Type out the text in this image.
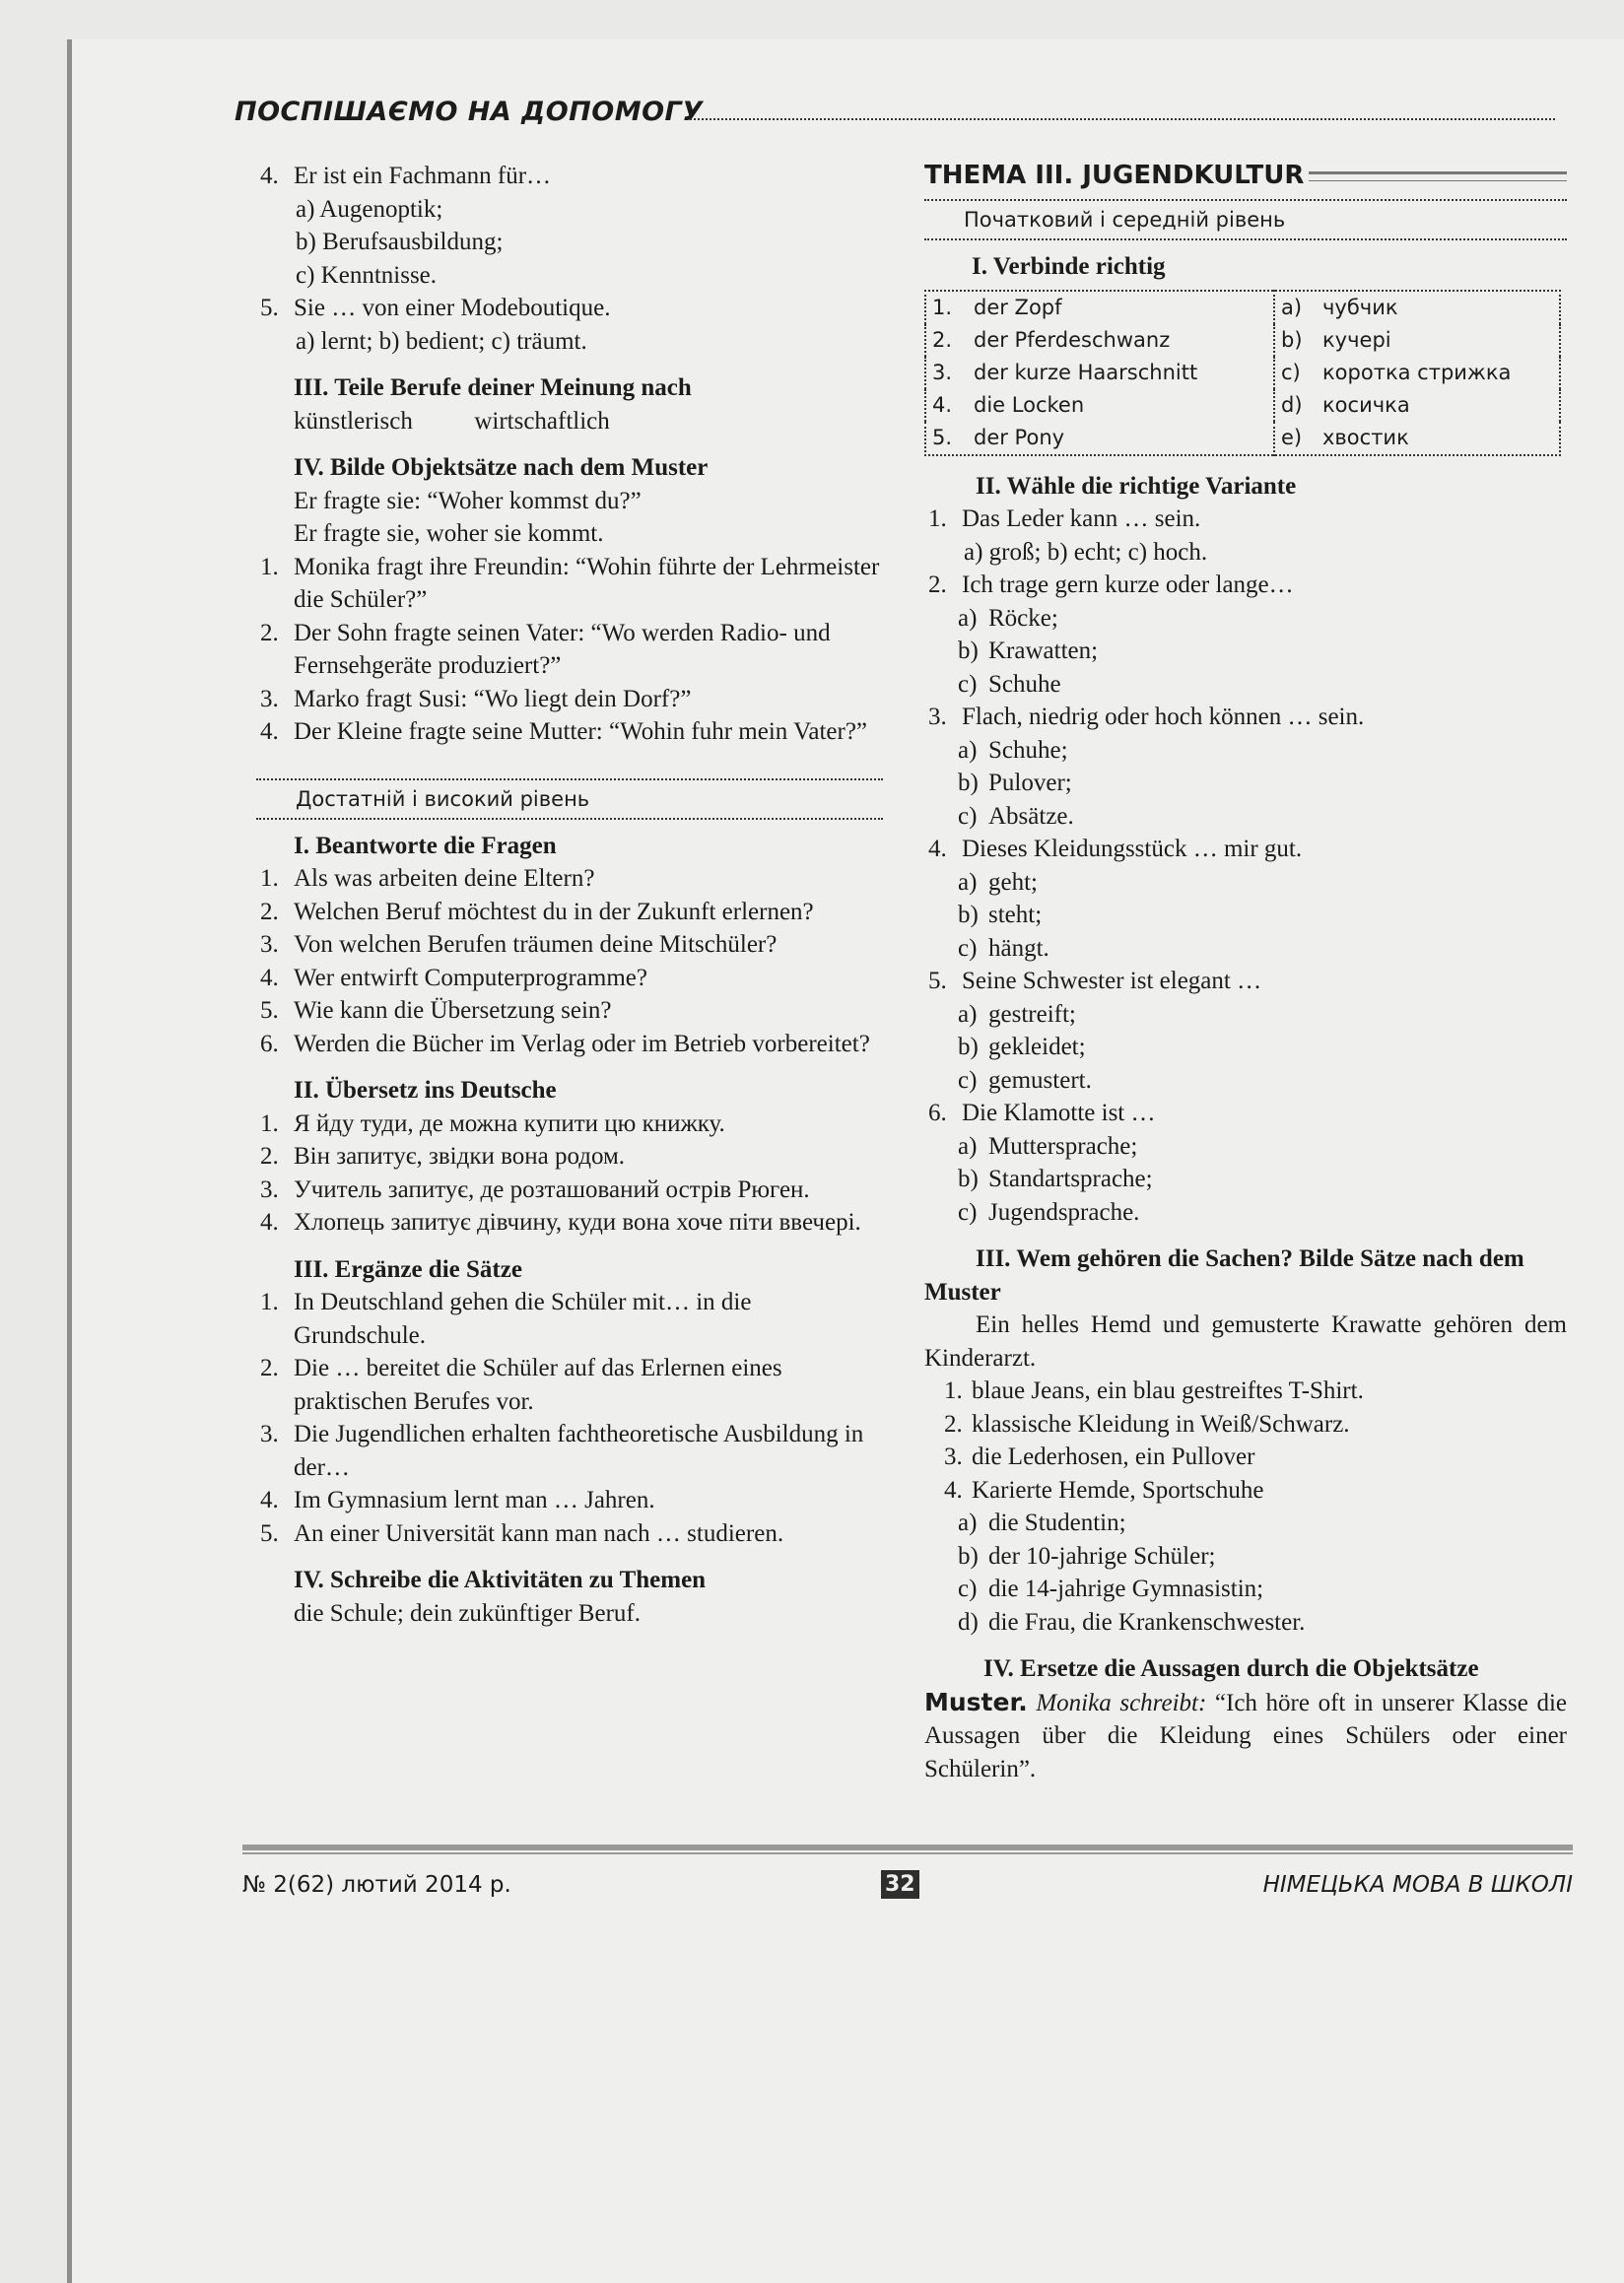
ПОСПІШАЄМО НА ДОПОМОГУ
4. Er ist ein Fachmann für…

a) Augenoptik;

b) Berufsausbildung;

c) Kenntnisse.

5. Sie … von einer Modeboutique.

a) lernt; b) bedient; c) träumt.

III. Teile Berufe deiner Meinung nach

künstlerisch          wirtschaftlich

IV. Bilde Objektsätze nach dem Muster

Er fragte sie: “Woher kommst du?”

Er fragte sie, woher sie kommt.

1. Monika fragt ihre Freundin: “Wohin führte der Lehrmeister die Schüler?”
2. Der Sohn fragte seinen Vater: “Wo werden Radio- und Fernsehgeräte produziert?”
3. Marko fragt Susi: “Wo liegt dein Dorf?”
4. Der Kleine fragte seine Mutter: “Wohin fuhr mein Vater?”
Достатній і високий рівень

I. Beantworte die Fragen

1. Als was arbeiten deine Eltern?
2. Welchen Beruf möchtest du in der Zukunft erlernen?
3. Von welchen Berufen träumen deine Mitschüler?
4. Wer entwirft Computerprogramme?
5. Wie kann die Übersetzung sein?
6. Werden die Bücher im Verlag oder im Betrieb vorbereitet?

II. Übersetz ins Deutsche

1. Я йду туди, де можна купити цю книжку.
2. Він запитує, звідки вона родом.
3. Учитель запитує, де розташований острів Рюген.
4. Хлопець запитує дівчину, куди вона хоче піти ввечері.

III. Ergänze die Sätze

1. In Deutschland gehen die Schüler mit… in die Grundschule.
2. Die … bereitet die Schüler auf das Erlernen eines praktischen Berufes vor.
3. Die Jugendlichen erhalten fachtheoretische Ausbildung in der…
4. Im Gymnasium lernt man … Jahren.
5. An einer Universität kann man nach … studieren.

IV. Schreibe die Aktivitäten zu Themen

die Schule; dein zukünftiger Beruf.

THEMA III. JUGENDKULTUR
Початковий і середній рівень

I. Verbinde richtig

1. der Zopf	a) чубчик
2. der Pferdeschwanz	b) кучері
3. der kurze Haarschnitt	c) коротка стрижка
4. die Locken	d) косичка
5. der Pony	e) хвостик

II. Wähle die richtige Variante

1. Das Leder kann … sein.

a) groß; b) echt; c) hoch.

2. Ich trage gern kurze oder lange…
a) Röcke;
b) Krawatten;
c) Schuhe
3. Flach, niedrig oder hoch können … sein.
a) Schuhe;
b) Pulover;
c) Absätze.
4. Dieses Kleidungsstück … mir gut.
a) geht;
b) steht;
c) hängt.
5. Seine Schwester ist elegant …
a) gestreift;
b) gekleidet;
c) gemustert.
6. Die Klamotte ist …
a) Muttersprache;
b) Standartsprache;
c) Jugendsprache.

III. Wem gehören die Sachen? Bilde Sätze nach dem Muster

Ein helles Hemd und gemusterte Krawatte gehören dem Kinderarzt.

1. blaue Jeans, ein blau gestreiftes T-Shirt.
2. klassische Kleidung in Weiß/Schwarz.
3. die Lederhosen, ein Pullover
4. Karierte Hemde, Sportschuhe
a) die Studentin;
b) der 10-jahrige Schüler;
c) die 14-jahrige Gymnasistin;
d) die Frau, die Krankenschwester.

IV. Ersetze die Aussagen durch die Objektsätze

Muster. Monika schreibt: “Ich höre oft in unserer Klasse die Aussagen über die Kleidung eines Schülers oder einer Schülerin”.

№ 2(62) лютий 2014 р.	32	НІМЕЦЬКА МОВА В ШКОЛІ
